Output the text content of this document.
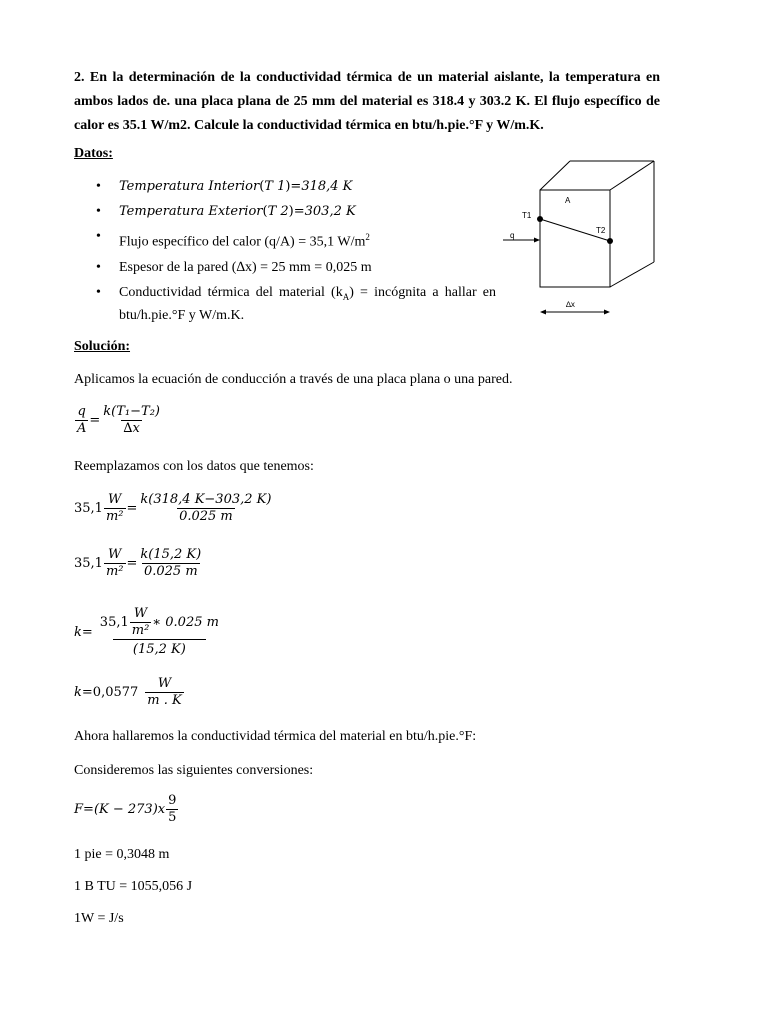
2. En la determinación de la conductividad térmica de un material aislante, la temperatura en ambos lados de. una placa plana de 25 mm del material es 318.4 y 303.2 K. El flujo específico de calor es 35.1 W/m2. Calcule la conductividad térmica en btu/h.pie.°F y W/m.K.
Datos:
• Temperatura Interior(T 1)=318,4 K
• Temperatura Exterior(T 2)=303,2 K
• Flujo específico del calor (q/A) = 35,1 $W/m^2$
• Espesor de la pared (∆x) = 25 mm = 0,025 m
• Conductividad térmica del material $(k_A)$ = incógnita a hallar en btu/h.pie.°F y W/m.K.
A
T1
T2
q
∆x
Solución:
Aplicamos la ecuación de conducción a través de una placa plana o una pared.
$\frac{q}{A} = \frac{\text{k(T₁−T₂)}}{\Delta x}$
Reemplazamos con los datos que tenemos:
$35,1 \frac{W}{\text{m²}} = \frac{k(318,4 K-303,2 K)}{0.025 m}$
$35,1 \frac{W}{\text{m²}} = \frac{k(15,2 K)}{0.025 m}$
$k = \frac{35,1 \frac{W}{\text{m²}} ∗ 0.025 m}{(15,2 K)}$
$k = 0,0577 \frac{W}{m . K}$
Ahora hallaremos la conductividad térmica del material en btu/h.pie.°F:
Consideremos las siguientes conversiones:
$F = (K - 273)x \frac{9}{5}$
1 pie = 0,3048 m
1 B TU = 1055,056 J
1W = J/s
